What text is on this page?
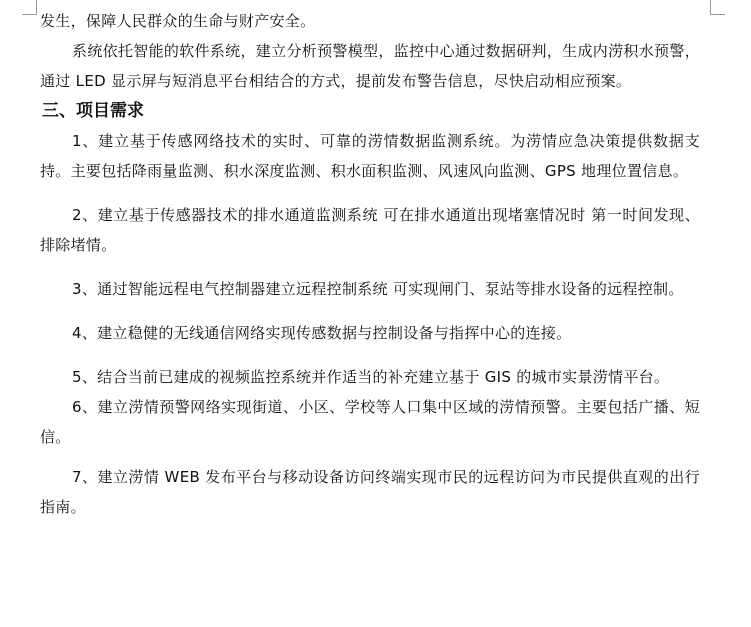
发生，保障人民群众的生命与财产安全。

系统依托智能的软件系统，建立分析预警模型，监控中心通过数据研判，生成内涝积水预警，通过 LED 显示屏与短消息平台相结合的方式，提前发布警告信息，尽快启动相应预案。

三、项目需求

1、建立基于传感网络技术的实时、可靠的涝情数据监测系统。为涝情应急决策提供数据支持。主要包括降雨量监测、积水深度监测、积水面积监测、风速风向监测、GPS 地理位置信息。

2、建立基于传感器技术的排水通道监测系统 可在排水通道出现堵塞情况时 第一时间发现、排除堵情。

3、通过智能远程电气控制器建立远程控制系统 可实现闸门、泵站等排水设备的远程控制。

4、建立稳健的无线通信网络实现传感数据与控制设备与指挥中心的连接。

5、结合当前已建成的视频监控系统并作适当的补充建立基于 GIS 的城市实景涝情平台。

6、建立涝情预警网络实现街道、小区、学校等人口集中区域的涝情预警。主要包括广播、短信。

7、建立涝情 WEB 发布平台与移动设备访问终端实现市民的远程访问为市民提供直观的出行指南。
